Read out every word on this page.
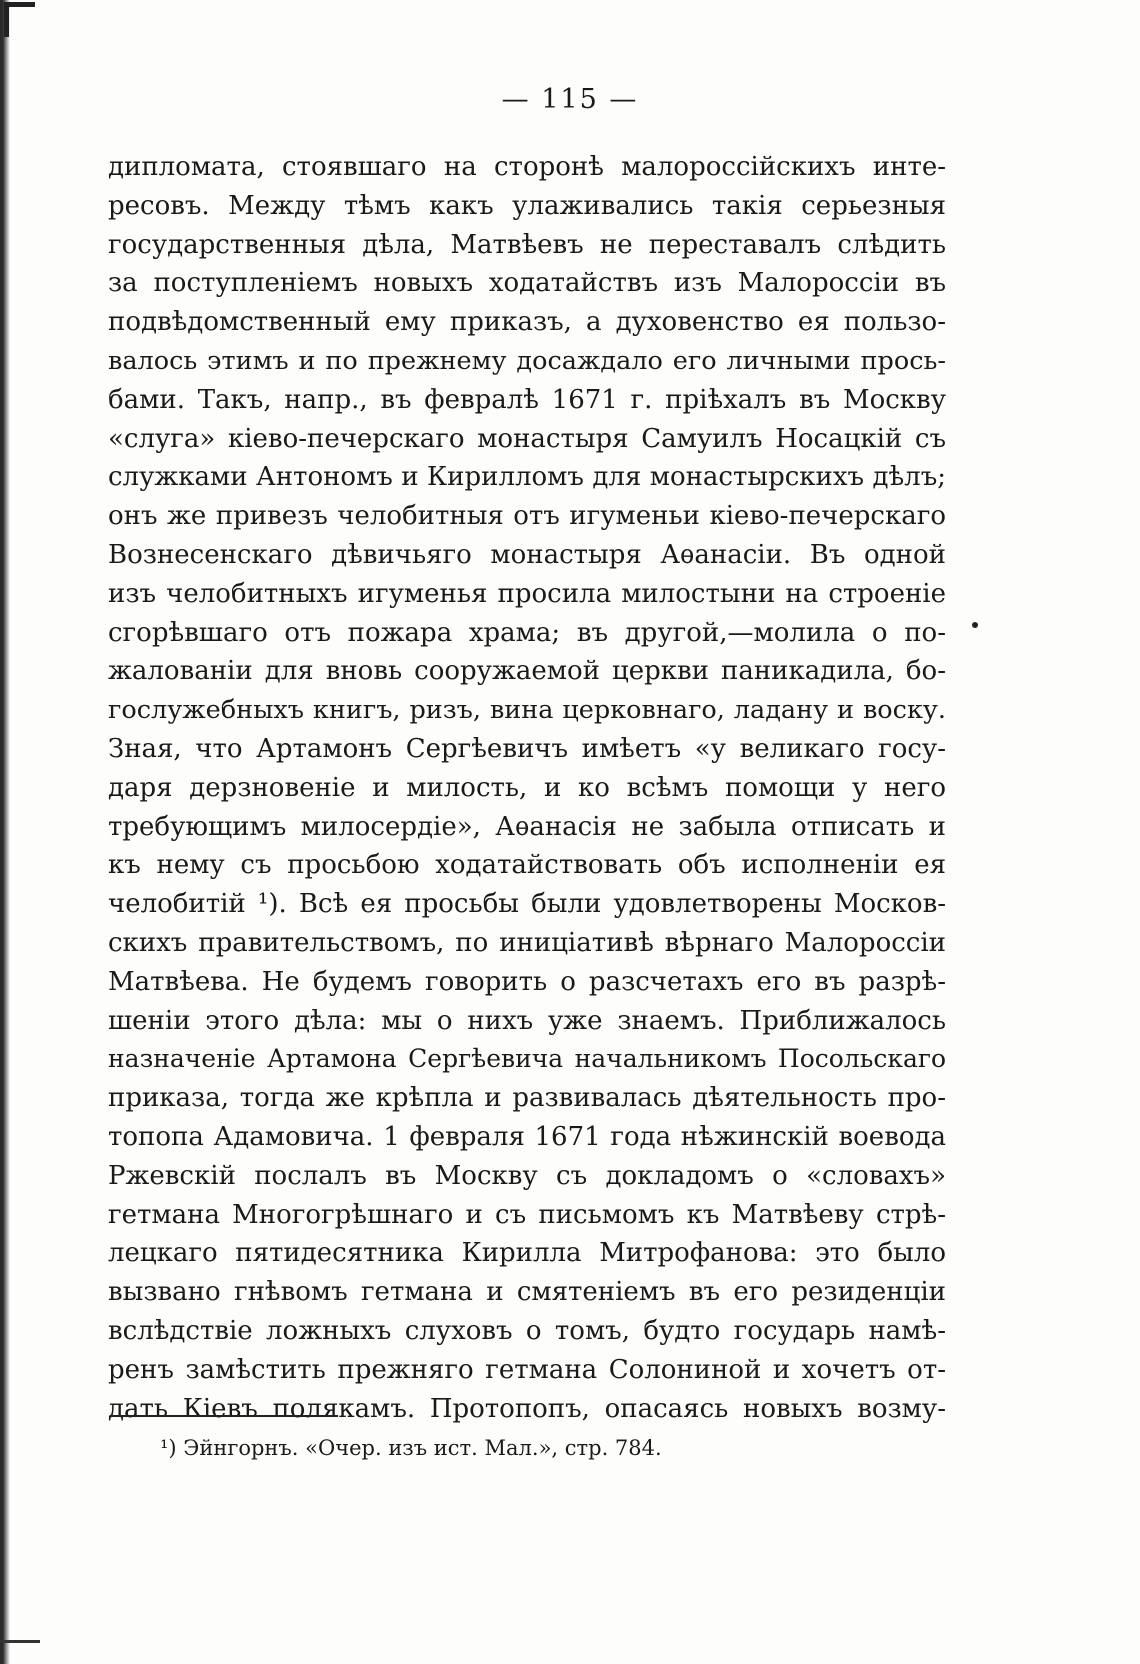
— 115 —
дипломата, стоявшаго на сторонѣ малороссійскихъ инте-
ресовъ. Между тѣмъ какъ улаживались такія серьезныя
государственныя дѣла, Матвѣевъ не переставалъ слѣдить
за поступленіемъ новыхъ ходатайствъ изъ Малороссіи въ
подвѣдомственный ему приказъ, а духовенство ея пользо-
валось этимъ и по прежнему досаждало его личными прось-
бами. Такъ, напр., въ февралѣ 1671 г. пріѣхалъ въ Москву
«слуга» кіево-печерскаго монастыря Самуилъ Носацкій съ
служками Антономъ и Кирилломъ для монастырскихъ дѣлъ;
онъ же привезъ челобитныя отъ игуменьи кіево-печерскаго
Вознесенскаго дѣвичьяго монастыря Аѳанасіи. Въ одной
изъ челобитныхъ игуменья просила милостыни на строеніе
сгорѣвшаго отъ пожара храма; въ другой,—молила о по-
жалованіи для вновь сооружаемой церкви паникадила, бо-
гослужебныхъ книгъ, ризъ, вина церковнаго, ладану и воску.
Зная, что Артамонъ Сергѣевичъ имѣетъ «у великаго госу-
даря дерзновеніе и милость, и ко всѣмъ помощи у него
требующимъ милосердіе», Аѳанасія не забыла отписать и
къ нему съ просьбою ходатайствовать объ исполненіи ея
челобитій ¹). Всѣ ея просьбы были удовлетворены Москов-
скихъ правительствомъ, по иниціативѣ вѣрнаго Малороссіи
Матвѣева. Не будемъ говорить о разсчетахъ его въ разрѣ-
шеніи этого дѣла: мы о нихъ уже знаемъ. Приближалось
назначеніе Артамона Сергѣевича начальникомъ Посольскаго
приказа, тогда же крѣпла и развивалась дѣятельность про-
топопа Адамовича. 1 февраля 1671 года нѣжинскій воевода
Ржевскій послалъ въ Москву съ докладомъ о «словахъ»
гетмана Многогрѣшнаго и съ письмомъ къ Матвѣеву стрѣ-
лецкаго пятидесятника Кирилла Митрофанова: это было
вызвано гнѣвомъ гетмана и смятеніемъ въ его резиденціи
вслѣдствіе ложныхъ слуховъ о томъ, будто государь намѣ-
ренъ замѣстить прежняго гетмана Солониной и хочетъ от-
дать Кіевъ полякамъ. Протопопъ, опасаясь новыхъ возму-
¹) Эйнгорнъ. «Очер. изъ ист. Мал.», стр. 784.
